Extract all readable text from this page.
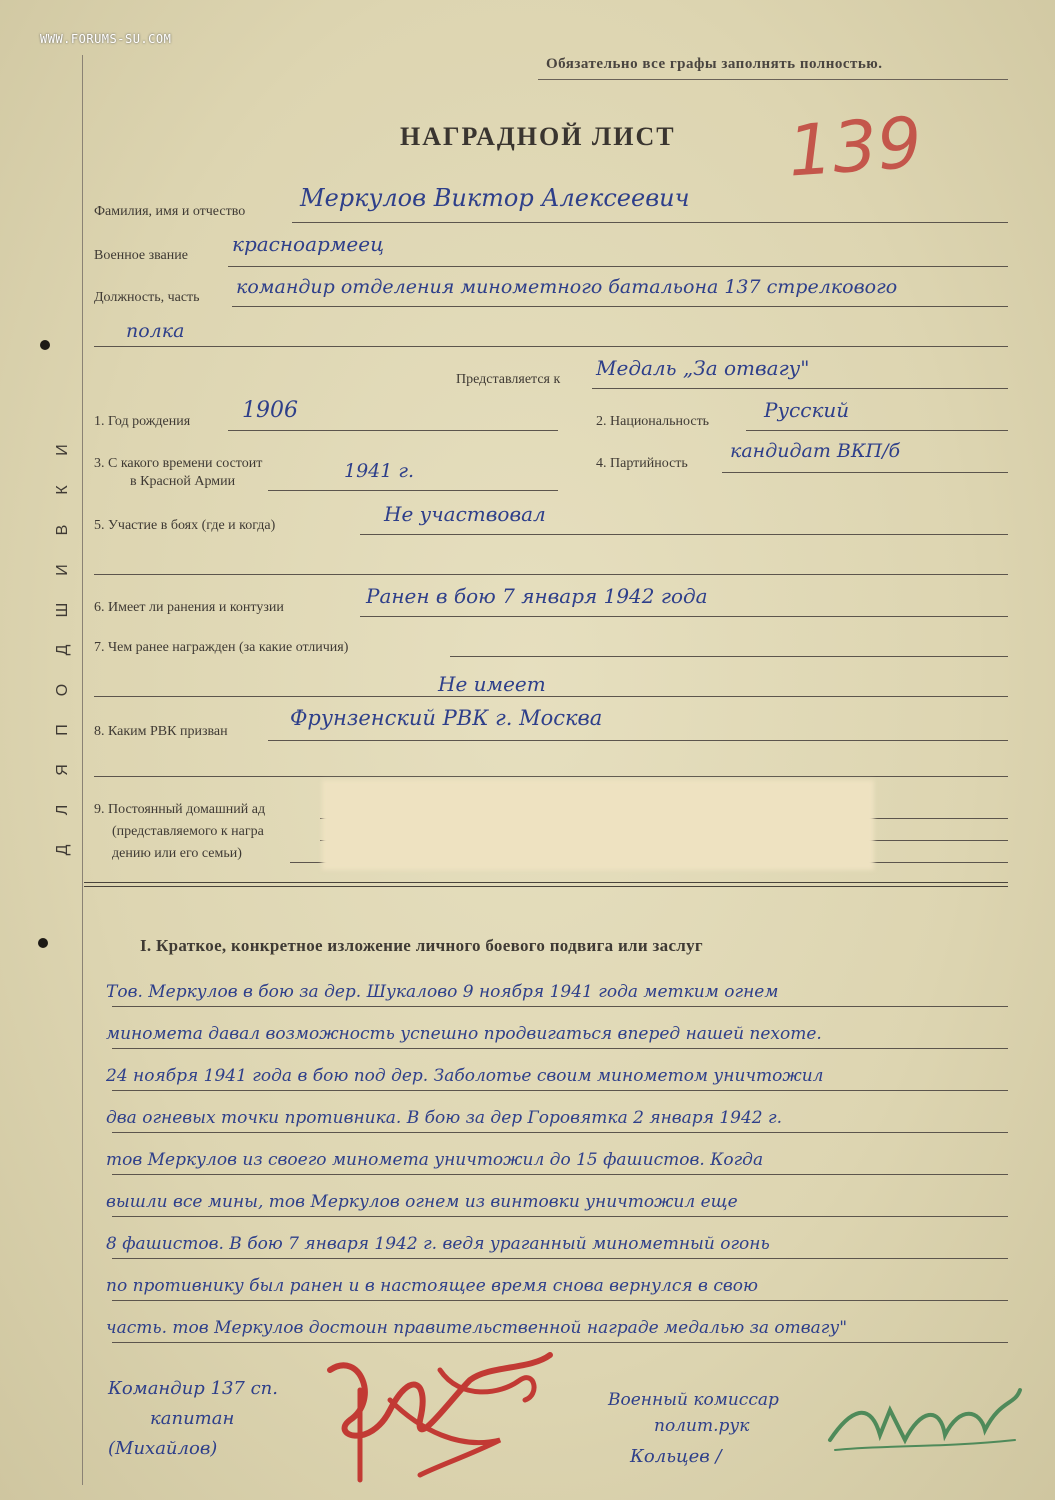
WWW.FORUMS-SU.COM
Обязательно все графы заполнять полностью.
НАГРАДНОЙ ЛИСТ 139
И
К
В
И
Ш
Д
О
П
Я
Л
Д
Фамилия, имя и отчество Меркулов Виктор Алексеевич
Военное звание красноармеец
Должность, часть командир отделения минометного батальона 137 стрелкового
полка
Представляется к Медаль „За отвагу"
1. Год рождения 1906	2. Национальность	Русский
3. С какого времени состоит
в Красной Армии	1941 г.	4. Партийность
кандидат ВКП/б
5. Участие в боях (где и когда)	Не участвовал
6. Имеет ли ранения и контузии	Ранен в бою 7 января 1942 года
7. Чем ранее награжден (за какие отличия)
Не имеет
8. Каким РВК призван
Фрунзенский РВК г. Москва
9. Постоянный домашний ад
(представляемого к награ
дению или его семьи)
I. Краткое, конкретное изложение личного боевого подвига или заслуг
Тов. Меркулов в бою за дер. Шукалово 9 ноября 1941 года метким огнем
миномета давал возможность успешно продвигаться вперед нашей пехоте.
24 ноября 1941 года в бою под дер. Заболотье своим минометом уничтожил
два огневых точки противника. В бою за дер Горовятка 2 января 1942 г.
тов Меркулов из своего миномета уничтожил до 15 фашистов. Когда
вышли все мины, тов Меркулов огнем из винтовки уничтожил еще
8 фашистов. В бою 7 января 1942 г. ведя ураганный минометный огонь
по противнику был ранен и в настоящее время снова вернулся в свою
часть. тов Меркулов достоин правительственной награде медалью за отвагу"
Командир 137 сп.
капитан
(Михайлов)
Военный комиссар
полит.рук
Кольцев /
